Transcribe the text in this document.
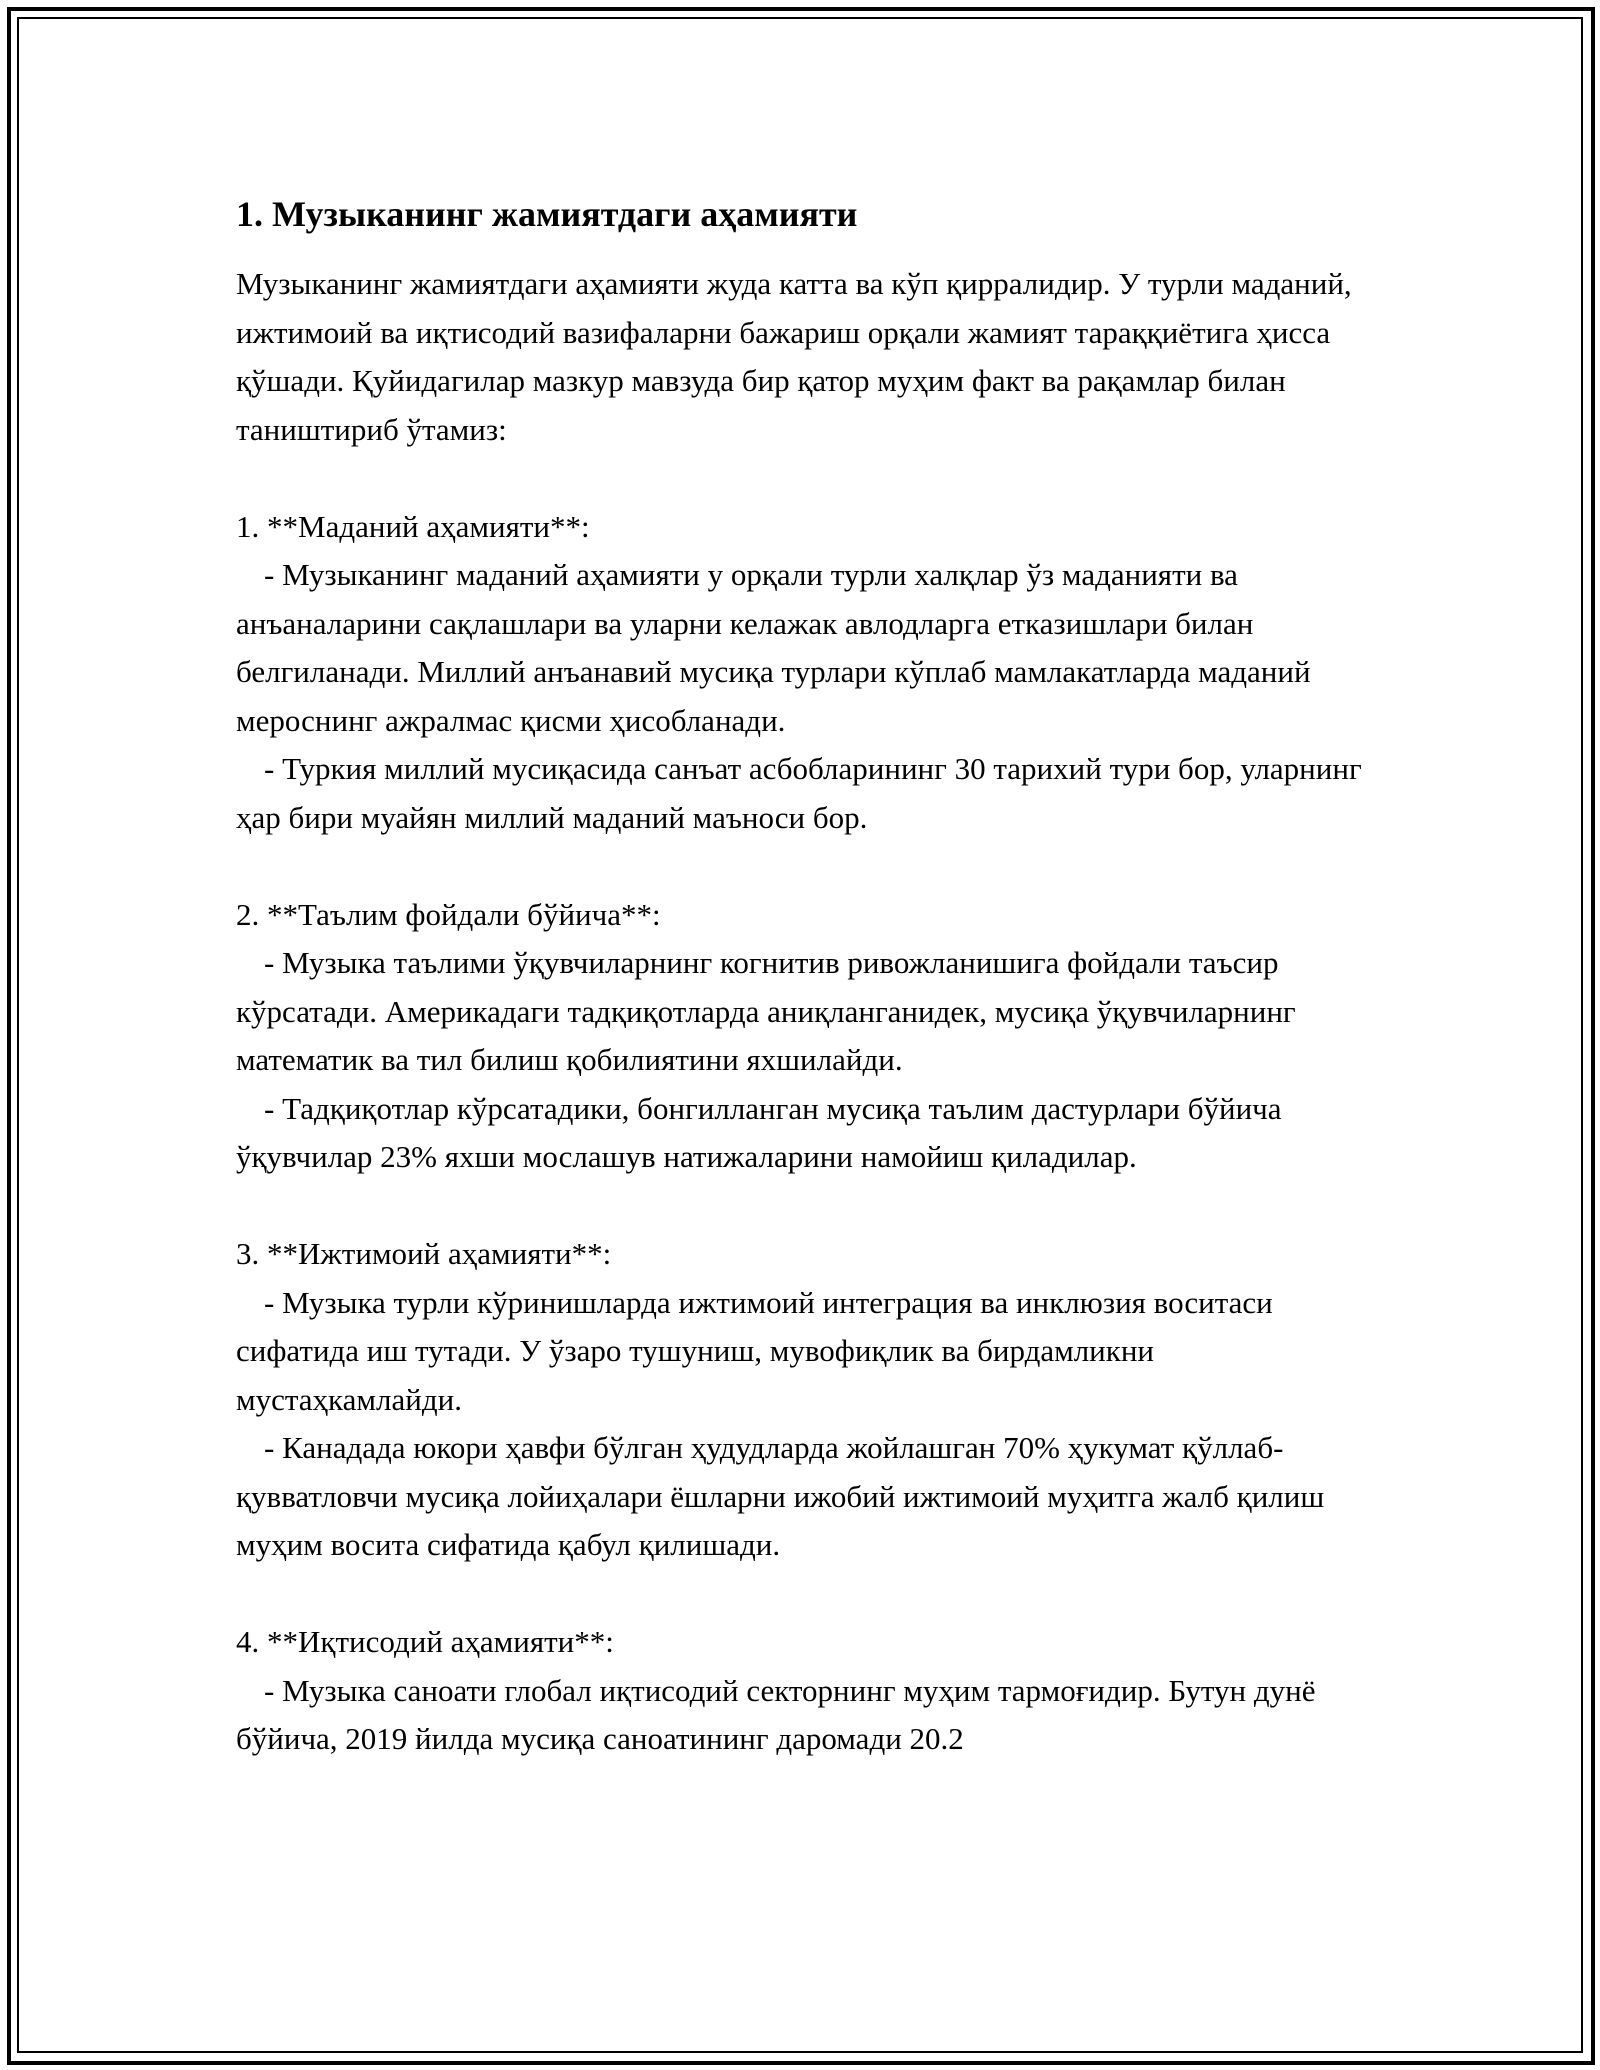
1. Музыканинг жамиятдаги аҳамияти

Музыканинг жамиятдаги аҳамияти жуда катта ва кўп қирралидир. У турли маданий, ижтимоий ва иқтисодий вазифаларни бажариш орқали жамият тараққиётига ҳисса қўшади. Қуйидагилар мазкур мавзуда бир қатор муҳим факт ва рақамлар билан таништириб ўтамиз:

1. **Маданий аҳамияти**:

- Музыканинг маданий аҳамияти у орқали турли халқлар ўз маданияти ва анъаналарини сақлашлари ва уларни келажак авлодларга етказишлари билан белгиланади. Миллий анъанавий мусиқа турлари кўплаб мамлакатларда маданий мероснинг ажралмас қисми ҳисобланади.

- Туркия миллий мусиқасида санъат асбобларининг 30 тарихий тури бор, уларнинг ҳар бири муайян миллий маданий маъноси бор.

2. **Таълим фойдали бўйича**:

- Музыка таълими ўқувчиларнинг когнитив ривожланишига фойдали таъсир кўрсатади. Америкадаги тадқиқотларда аниқланганидек, мусиқа ўқувчиларнинг математик ва тил билиш қобилиятини яхшилайди.

- Тадқиқотлар кўрсатадики, бонгилланган мусиқа таълим дастурлари бўйича ўқувчилар 23% яхши мослашув натижаларини намойиш қиладилар.

3. **Ижтимоий аҳамияти**:

- Музыка турли кўринишларда ижтимоий интеграция ва инклюзия воситаси сифатида иш тутади. У ўзаро тушуниш, мувофиқлик ва бирдамликни мустаҳкамлайди.

- Канадада юкори ҳавфи бўлган ҳудудларда жойлашган 70% ҳукумат қўллаб-қувватловчи мусиқа лойиҳалари ёшларни ижобий ижтимоий муҳитга жалб қилиш муҳим восита сифатида қабул қилишади.

4. **Иқтисодий аҳамияти**:

- Музыка саноати глобал иқтисодий секторнинг муҳим тармоғидир. Бутун дунё бўйича, 2019 йилда мусиқа саноатининг даромади 20.2
